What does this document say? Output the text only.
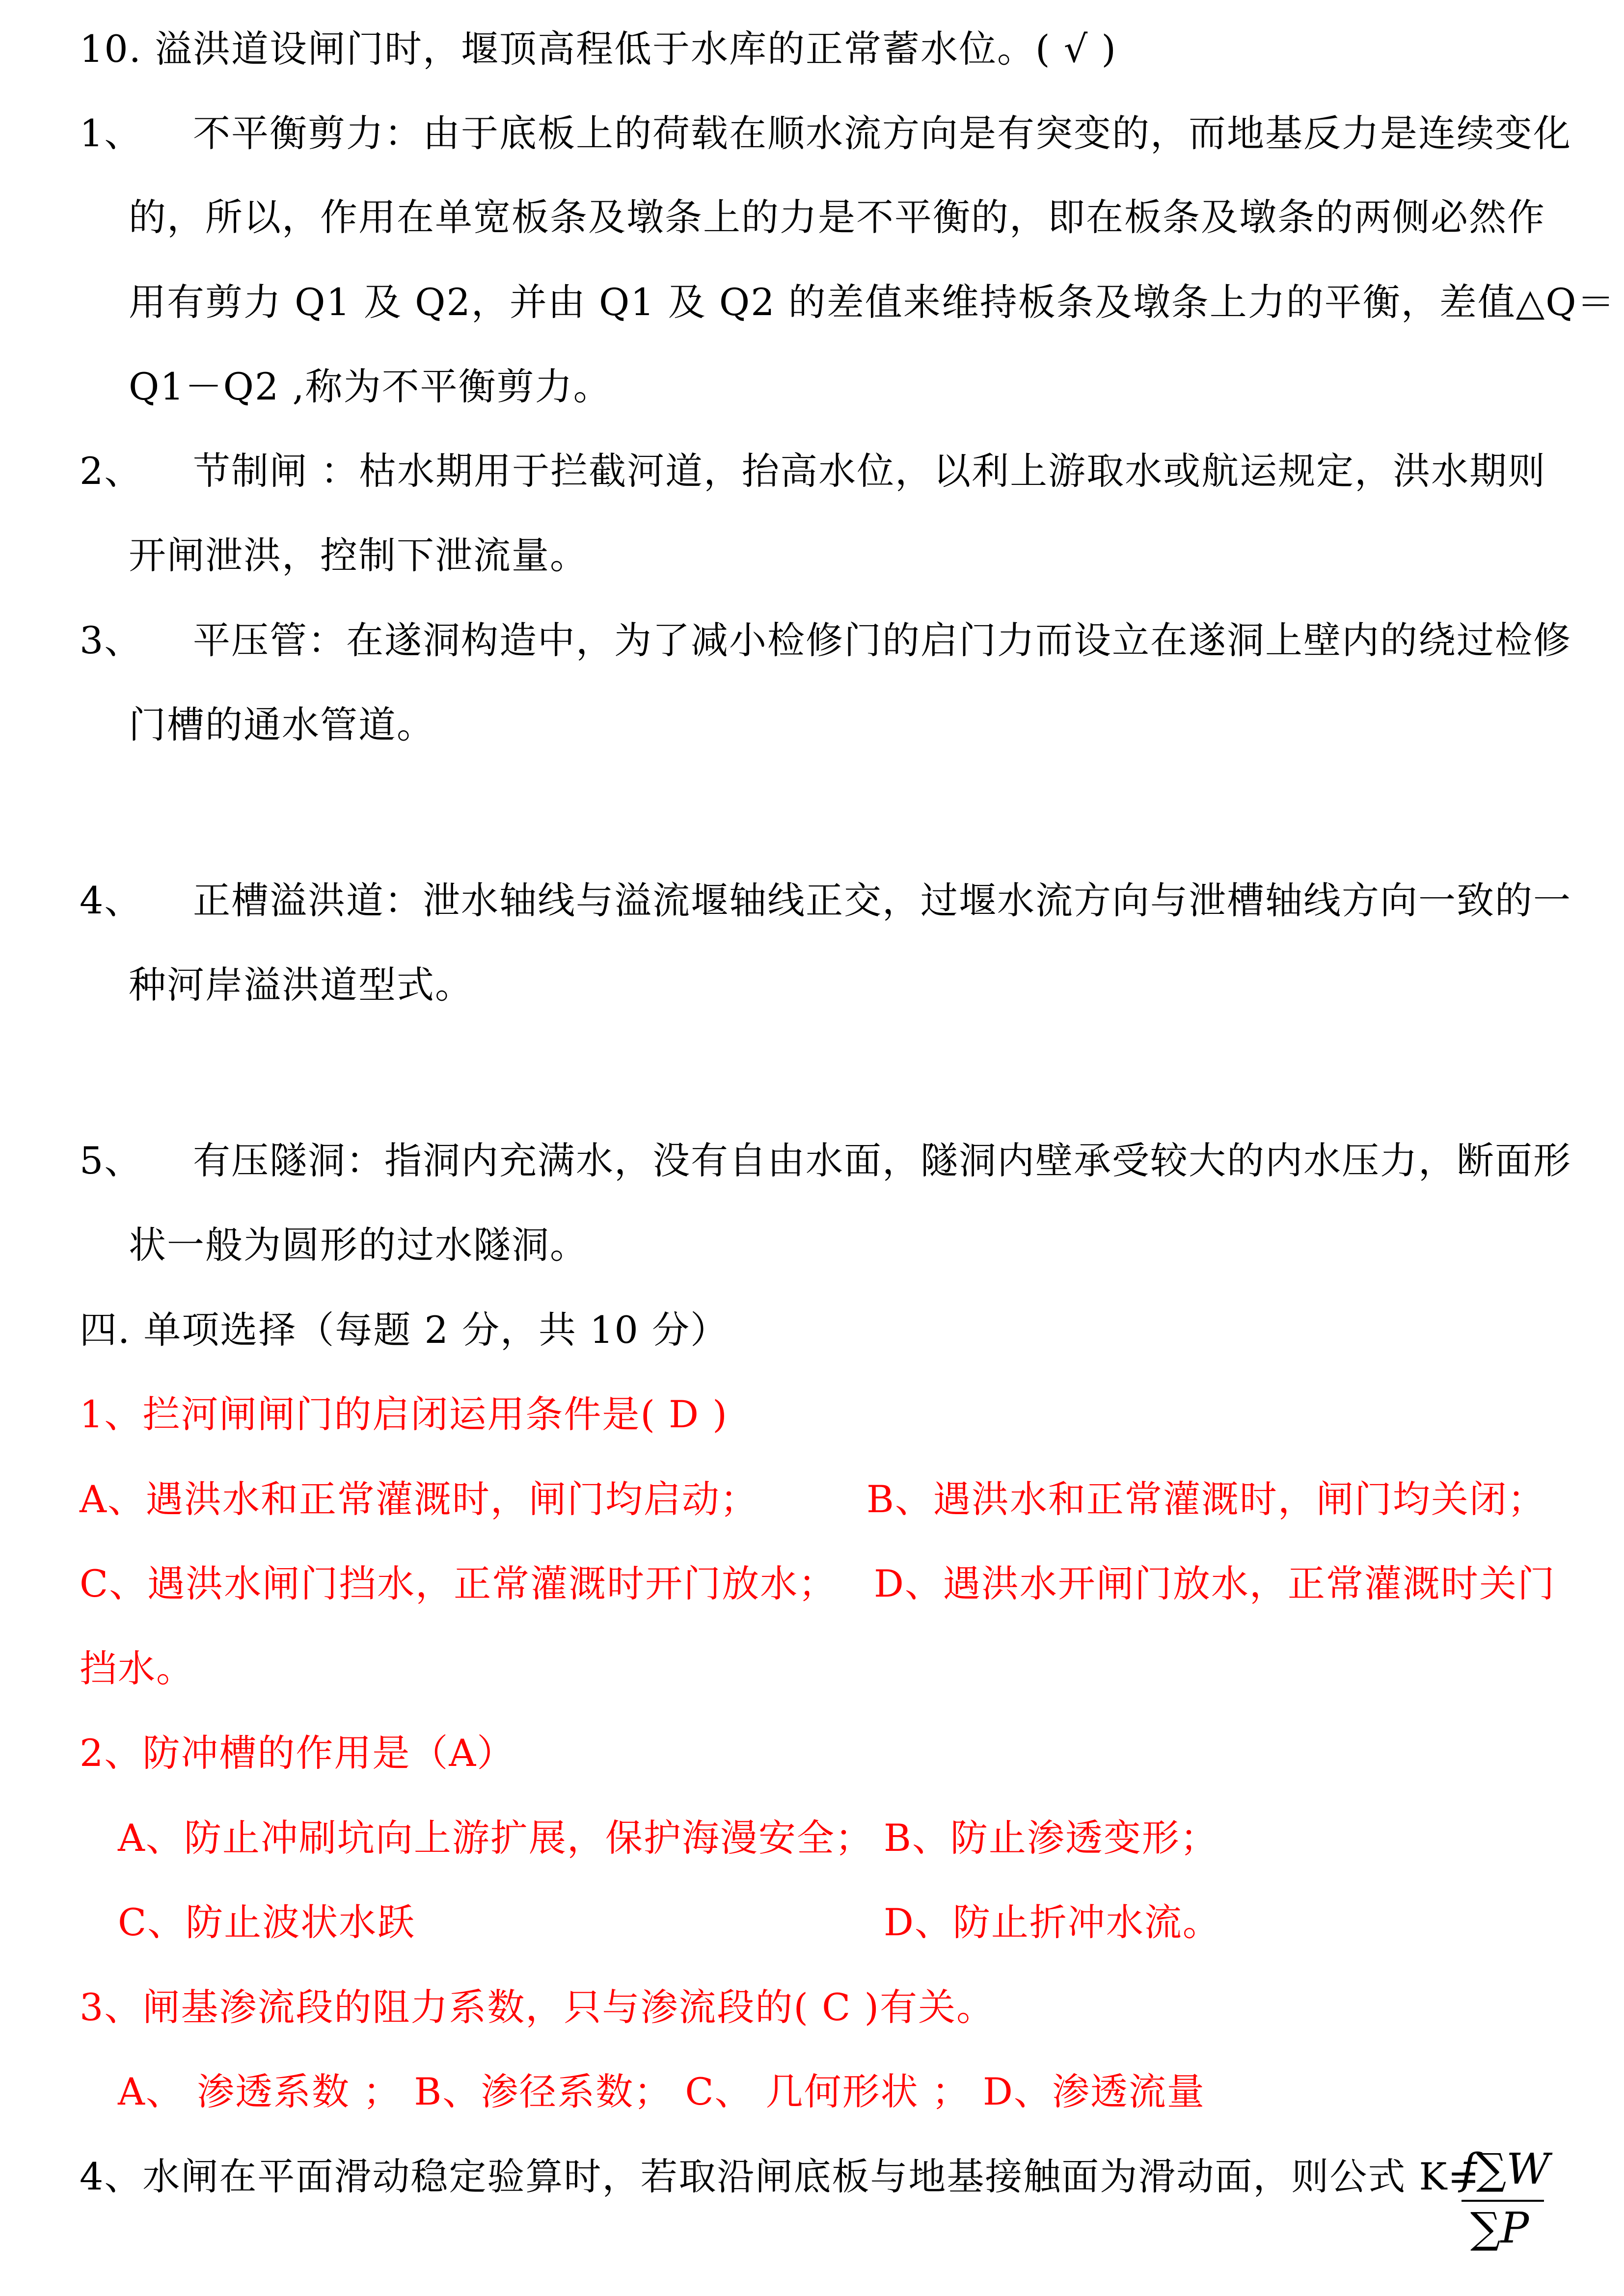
10. 溢洪道设闸门时，堰顶高程低于水库的正常蓄水位。( √ )
1、 不平衡剪力：由于底板上的荷载在顺水流方向是有突变的，而地基反力是连续变化
的，所以，作用在单宽板条及墩条上的力是不平衡的，即在板条及墩条的两侧必然作
用有剪力 Q1 及 Q2，并由 Q1 及 Q2 的差值来维持板条及墩条上力的平衡，差值△Q＝
Q1－Q2 ,称为不平衡剪力。
2、 节制闸 ：枯水期用于拦截河道，抬高水位，以利上游取水或航运规定，洪水期则
开闸泄洪，控制下泄流量。
3、 平压管：在遂洞构造中，为了减小检修门的启门力而设立在遂洞上壁内的绕过检修
门槽的通水管道。
4、 正槽溢洪道：泄水轴线与溢流堰轴线正交，过堰水流方向与泄槽轴线方向一致的一
种河岸溢洪道型式。
5、 有压隧洞：指洞内充满水，没有自由水面，隧洞内壁承受较大的内水压力，断面形
状一般为圆形的过水隧洞。
四. 单项选择（每题 2 分，共 10 分）
1、拦河闸闸门的启闭运用条件是( D )
A、遇洪水和正常灌溉时，闸门均启动；	B、遇洪水和正常灌溉时，闸门均关闭；
C、遇洪水闸门挡水，正常灌溉时开门放水； D、遇洪水开闸门放水，正常灌溉时关门
挡水。
2、防冲槽的作用是（A）
A、防止冲刷坑向上游扩展，保护海漫安全； B、防止渗透变形；
C、防止波状水跃	D、防止折冲水流。
3、闸基渗流段的阻力系数，只与渗流段的( C )有关。
A、 渗透系数 ； B、渗径系数； C、 几何形状 ； D、渗透流量
4、水闸在平面滑动稳定验算时，若取沿闸底板与地基接触面为滑动面，则公式 K=
f∑W
∑P
